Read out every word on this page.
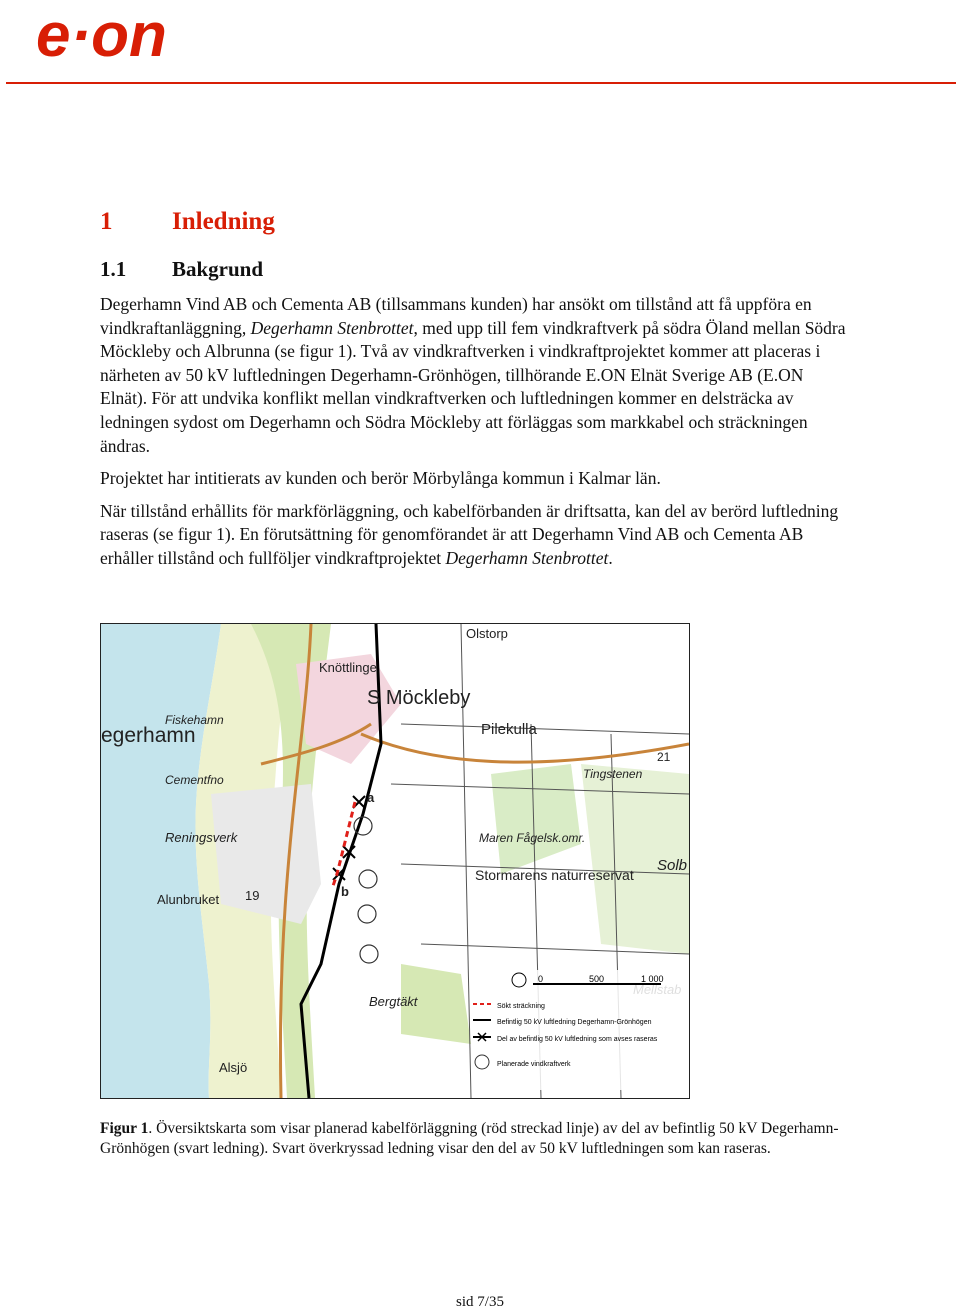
e·on
1 Inledning
1.1 Bakgrund

Degerhamn Vind AB och Cementa AB (tillsammans kunden) har ansökt om tillstånd att få uppföra en vindkraftanläggning, Degerhamn Stenbrottet, med upp till fem vindkraftverk på södra Öland mellan Södra Möckleby och Albrunna (se figur 1). Två av vindkraftverken i vindkraftprojektet kommer att placeras i närheten av 50 kV luftledningen Degerhamn-Grönhögen, tillhörande E.ON Elnät Sverige AB (E.ON Elnät). För att undvika konflikt mellan vindkraftverken och luftledningen kommer en delsträcka av ledningen sydost om Degerhamn och Södra Möckleby att förläggas som markkabel och sträckningen ändras.

Projektet har intitierats av kunden och berör Mörbylånga kommun i Kalmar län.

När tillstånd erhållits för markförläggning, och kabelförbanden är driftsatta, kan del av berörd luftledning raseras (se figur 1). En förutsättning för genomförandet är att Degerhamn Vind AB och Cementa AB erhåller tillstånd och fullföljer vindkraftprojektet Degerhamn Stenbrottet.

Olstorp
Knöttlinge
S Möckleby
Fiskehamn
egerhamn	Pilekulla
21
Tingstenen
Cementfno
Reningsverk
Alunbruket 19
Maren Fågelsk.omr.
Stormarens naturreservat
Solb
Bergtäkt
Alsjö
a
b
0	500	1 000
Sökt sträckning
Befintlig 50 kV luftledning Degerhamn-Grönhögen
Del av befintlig 50 kV luftledning som avses raseras
Planerade vindkraftverk
Figur 1. Översiktskarta som visar planerad kabelförläggning (röd streckad linje) av del av befintlig 50 kV Degerhamn-Grönhögen (svart ledning). Svart överkryssad ledning visar den del av 50 kV luftledningen som kan raseras.
sid 7/35
